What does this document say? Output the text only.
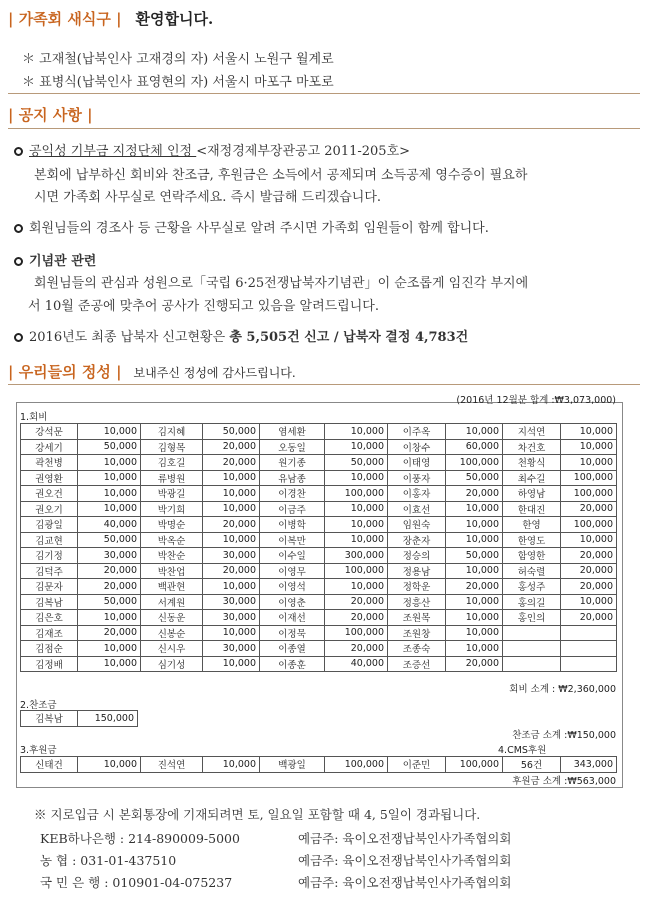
| 가족회 새식구 | 환영합니다.
＊ 고재철(납북인사 고재경의 자) 서울시 노원구 월계로
＊ 표병식(납북인사 표영현의 자) 서울시 마포구 마포로
| 공지 사항 |
공익성 기부금 지정단체 인정 <재정경제부장관공고 2011-205호>
본회에 납부하신 회비와 찬조금, 후원금은 소득에서 공제되며 소득공제 영수증이 필요하
시면 가족회 사무실로 연락주세요. 즉시 발급해 드리겠습니다.
회원님들의 경조사 등 근황을 사무실로 알려 주시면 가족회 임원들이 함께 합니다.
기념관 관련
회원님들의 관심과 성원으로「국립 6·25전쟁납북자기념관」이 순조롭게 임진각 부지에
서 10월 준공에 맞추어 공사가 진행되고 있음을 알려드립니다.
2016년도 최종 납북자 신고현황은 총 5,505건 신고 / 납북자 결정 4,783건
| 우리들의 정성 | 보내주신 정성에 감사드립니다.
(2016년 12월분 합계 :₩3,073,000)
1.회비
강석문	10,000	김지혜	50,000	염세환	10,000	이주옥	10,000	지석연	10,000
강세기	50,000	김형목	20,000	오동일	10,000	이창수	60,000	차건호	10,000
곽천병	10,000	김호길	20,000	원기종	50,000	이태영	100,000	천황식	10,000
권영환	10,000	류병원	10,000	유남종	10,000	이풍자	50,000	최수길	100,000
권오건	10,000	박광길	10,000	이경찬	100,000	이홍자	20,000	하영남	100,000
권오기	10,000	박기희	10,000	이금주	10,000	이효선	10,000	한대진	20,000
김광일	40,000	박명순	20,000	이병학	10,000	임원숙	10,000	한영	100,000
김교현	50,000	박옥순	10,000	이복만	10,000	장춘자	10,000	한영도	10,000
김기정	30,000	박찬순	30,000	이수일	300,000	정승의	50,000	함영한	20,000
김덕주	20,000	박찬업	20,000	이영무	100,000	정용남	10,000	허숙렬	20,000
김문자	20,000	백관현	10,000	이영석	10,000	정학운	20,000	홍성주	20,000
김복남	50,000	서계원	30,000	이영춘	20,000	정흥산	10,000	홍의길	10,000
김은호	10,000	신동운	30,000	이재선	20,000	조원목	10,000	홍인의	20,000
김재조	20,000	신봉순	10,000	이정묵	100,000	조원창	10,000		
김점순	10,000	신시우	30,000	이종열	20,000	조종숙	10,000		
김정배	10,000	심기성	10,000	이종훈	40,000	조증선	20,000		
회비 소계 : ₩2,360,000
2.찬조금
김복남	150,000
찬조금 소계 :₩150,000
3.후원금	4.CMS후원
신태건	10,000	진석연	10,000	백광일	100,000	이준민	100,000	56건	343,000
후원금 소계 :₩563,000
※ 지로입금 시 본회통장에 기재되려면 토, 일요일 포함할 때 4, 5일이 경과됩니다.
KEB하나은행 : 214-890009-5000	예금주: 육이오전쟁납북인사가족협의회
농 협 : 031-01-437510	예금주: 육이오전쟁납북인사가족협의회
국 민 은 행 : 010901-04-075237	예금주: 육이오전쟁납북인사가족협의회
